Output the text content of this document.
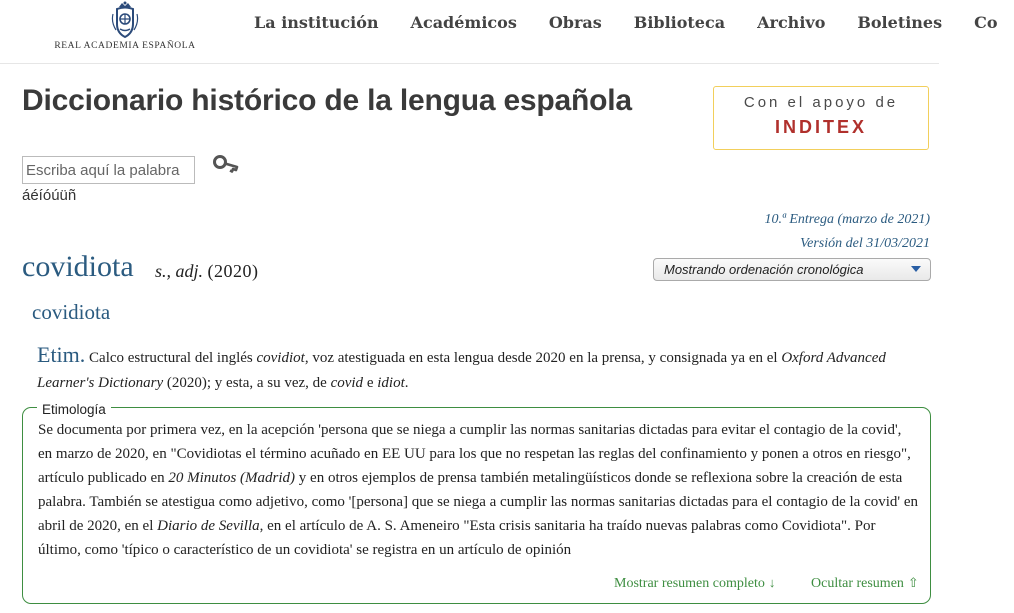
REAL ACADEMIA ESPAÑOLA
La institución Académicos Obras Biblioteca Archivo Boletines Co
Diccionario histórico de la lengua española	Con el apoyo de
INDITEX
Escriba aquí la palabra
áéíóúüñ
10.ª Entrega (marzo de 2021)
Versión del 31/03/2021
Mostrando ordenación cronológica
covidiota s., adj. (2020)
covidiota

Etim. Calco estructural del inglés covidiot, voz atestiguada en esta lengua desde 2020 en la prensa, y consignada ya en el Oxford Advanced Learner's Dictionary (2020); y esta, a su vez, de covid e idiot.

Etimología

Se documenta por primera vez, en la acepción 'persona que se niega a cumplir las normas sanitarias dictadas para evitar el contagio de la covid', en marzo de 2020, en "Covidiotas el término acuñado en EE UU para los que no respetan las reglas del confinamiento y ponen a otros en riesgo", artículo publicado en 20 Minutos (Madrid) y en otros ejemplos de prensa también metalingüísticos donde se reflexiona sobre la creación de esta palabra. También se atestigua como adjetivo, como '[persona] que se niega a cumplir las normas sanitarias dictadas para el contagio de la covid' en abril de 2020, en el Diario de Sevilla, en el artículo de A. S. Ameneiro "Esta crisis sanitaria ha traído nuevas palabras como Covidiota". Por último, como 'típico o característico de un covidiota' se registra en un artículo de opinión

Mostrar resumen completo ↓	Ocultar resumen ⇧
